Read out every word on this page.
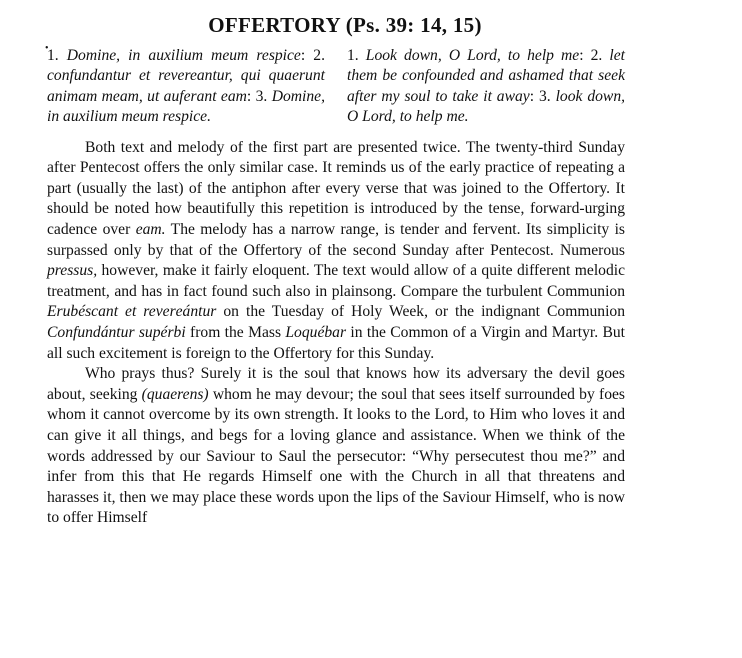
OFFERTORY (Ps. 39: 14, 15)
•
1. Domine, in auxilium meum respice: 2. confundantur et revereantur, qui quaerunt animam meam, ut auferant eam: 3. Domine, in auxilium meum respice.
1. Look down, O Lord, to help me: 2. let them be confounded and ashamed that seek after my soul to take it away: 3. look down, O Lord, to help me.

Both text and melody of the first part are presented twice. The twenty-third Sunday after Pentecost offers the only similar case. It reminds us of the early practice of repeating a part (usually the last) of the antiphon after every verse that was joined to the Offertory. It should be noted how beautifully this repetition is introduced by the tense, forward-urging cadence over eam. The melody has a narrow range, is tender and fervent. Its simplicity is surpassed only by that of the Offertory of the second Sunday after Pentecost. Numerous pressus, however, make it fairly eloquent. The text would allow of a quite different melodic treatment, and has in fact found such also in plainsong. Compare the turbulent Communion Erubéscant et reverеántur on the Tuesday of Holy Week, or the indignant Communion Confundántur supérbi from the Mass Loquébar in the Common of a Virgin and Martyr. But all such excitement is foreign to the Offertory for this Sunday.

Who prays thus? Surely it is the soul that knows how its adversary the devil goes about, seeking (quaerens) whom he may devour; the soul that sees itself surrounded by foes whom it cannot overcome by its own strength. It looks to the Lord, to Him who loves it and can give it all things, and begs for a loving glance and assistance. When we think of the words addressed by our Saviour to Saul the persecutor: “Why persecutest thou me?” and infer from this that He regards Himself one with the Church in all that threatens and harasses it, then we may place these words upon the lips of the Saviour Himself, who is now to offer Himself
